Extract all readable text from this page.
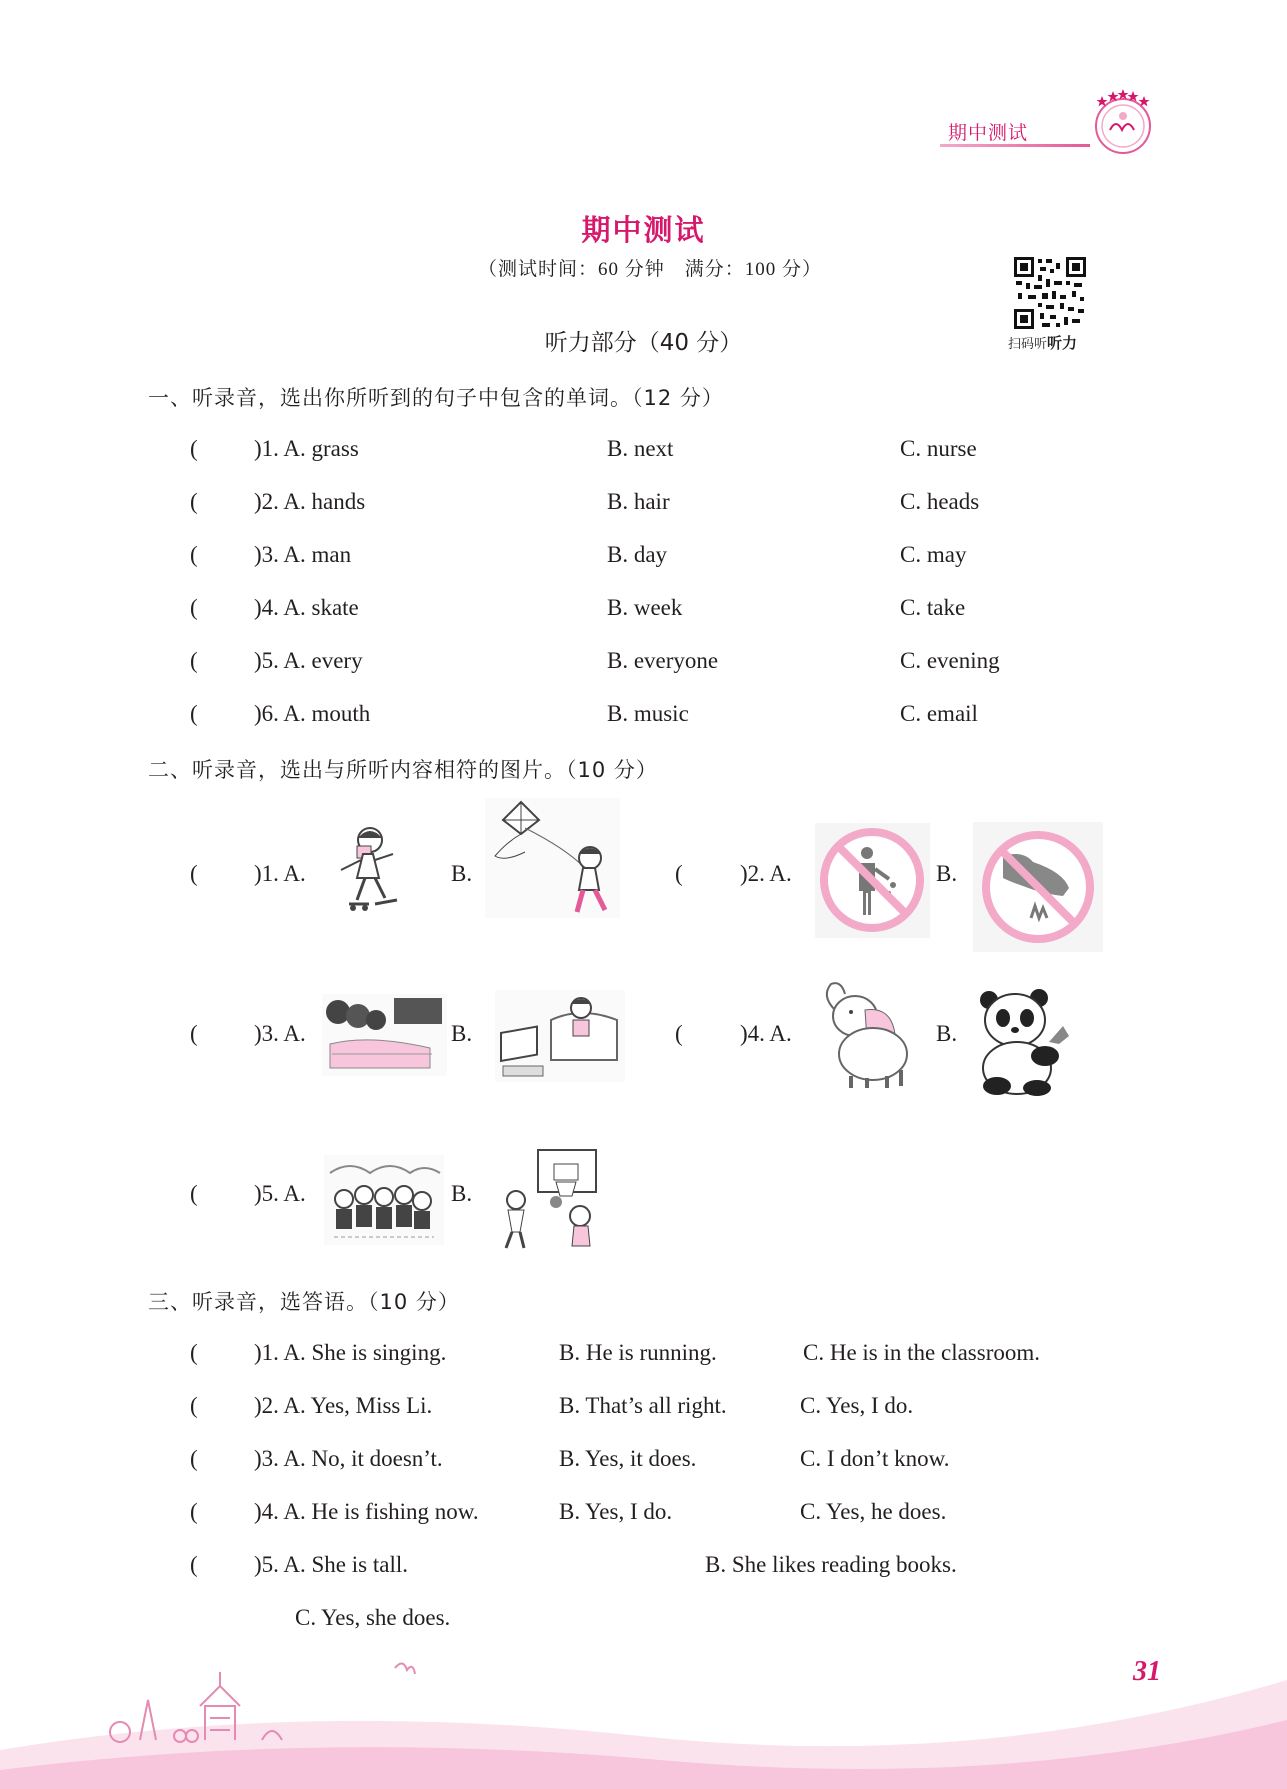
期中测试
期中测试
（测试时间：60 分钟　满分：100 分）
扫码听听力
听力部分（40 分）
一、听录音，选出你所听到的句子中包含的单词。（12 分）
( )1. A. grass	B. next	C. nurse
( )2. A. hands	B. hair	C. heads
( )3. A. man	B. day	C. may
( )4. A. skate	B. week	C. take
( )5. A. every	B. everyone	C. evening
( )6. A. mouth	B. music	C. email
二、听录音，选出与所听内容相符的图片。（10 分）
( )1. A.	B.	( )2. A.	B.
( )3. A.	B.	( )4. A.	B.
( )5. A.	B.
三、听录音，选答语。（10 分）
( )1. A. She is singing.	B. He is running.	C. He is in the classroom.
( )2. A. Yes, Miss Li.	B. That’s all right.	C. Yes, I do.
( )3. A. No, it doesn’t.	B. Yes, it does.	C. I don’t know.
( )4. A. He is fishing now.	B. Yes, I do.	C. Yes, he does.
( )5. A. She is tall.	B. She likes reading books.
C. Yes, she does.
31
